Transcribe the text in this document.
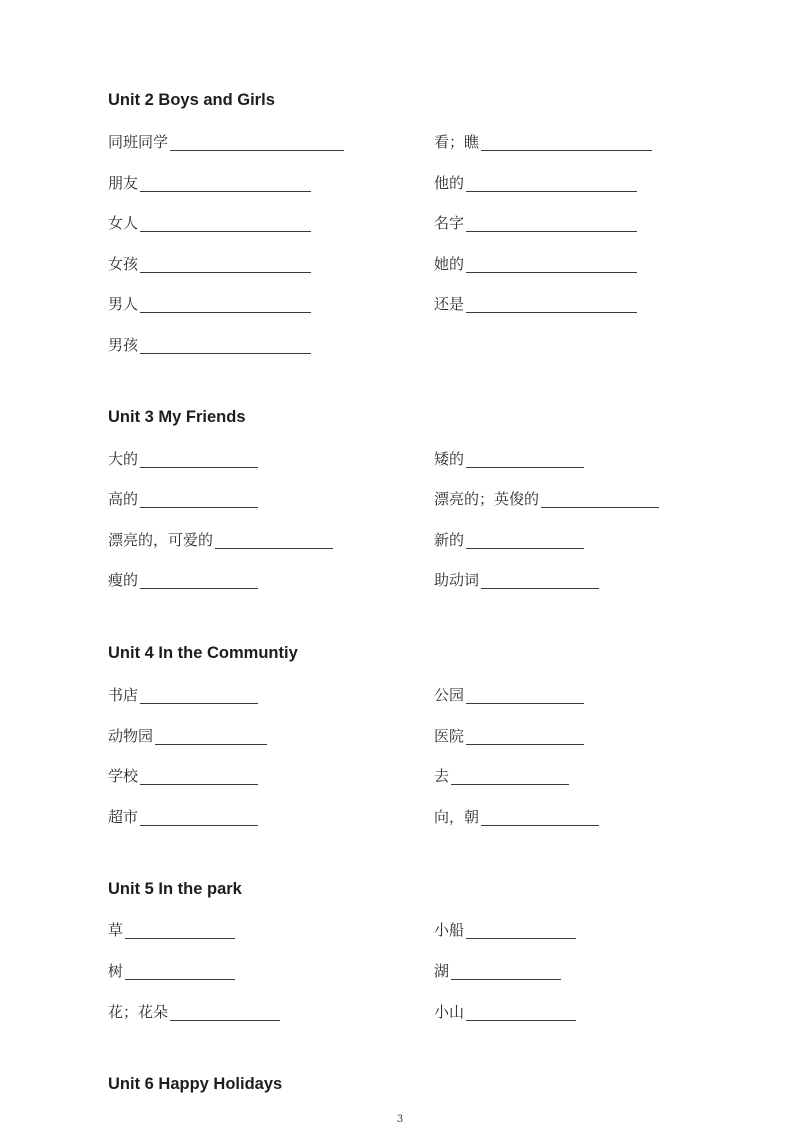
Unit 2 Boys and Girls
同班同学
朋友
女人
女孩
男人
男孩
看；瞧
他的
名字
她的
还是
Unit 3 My Friends
大的
高的
漂亮的，可爱的
瘦的
矮的
漂亮的；英俊的
新的
助动词
Unit 4 In the Communtiy
书店
动物园
学校
超市
公园
医院
去
向，朝
Unit 5 In the park
草
树
花；花朵
小船
湖
小山
Unit 6 Happy Holidays
3
